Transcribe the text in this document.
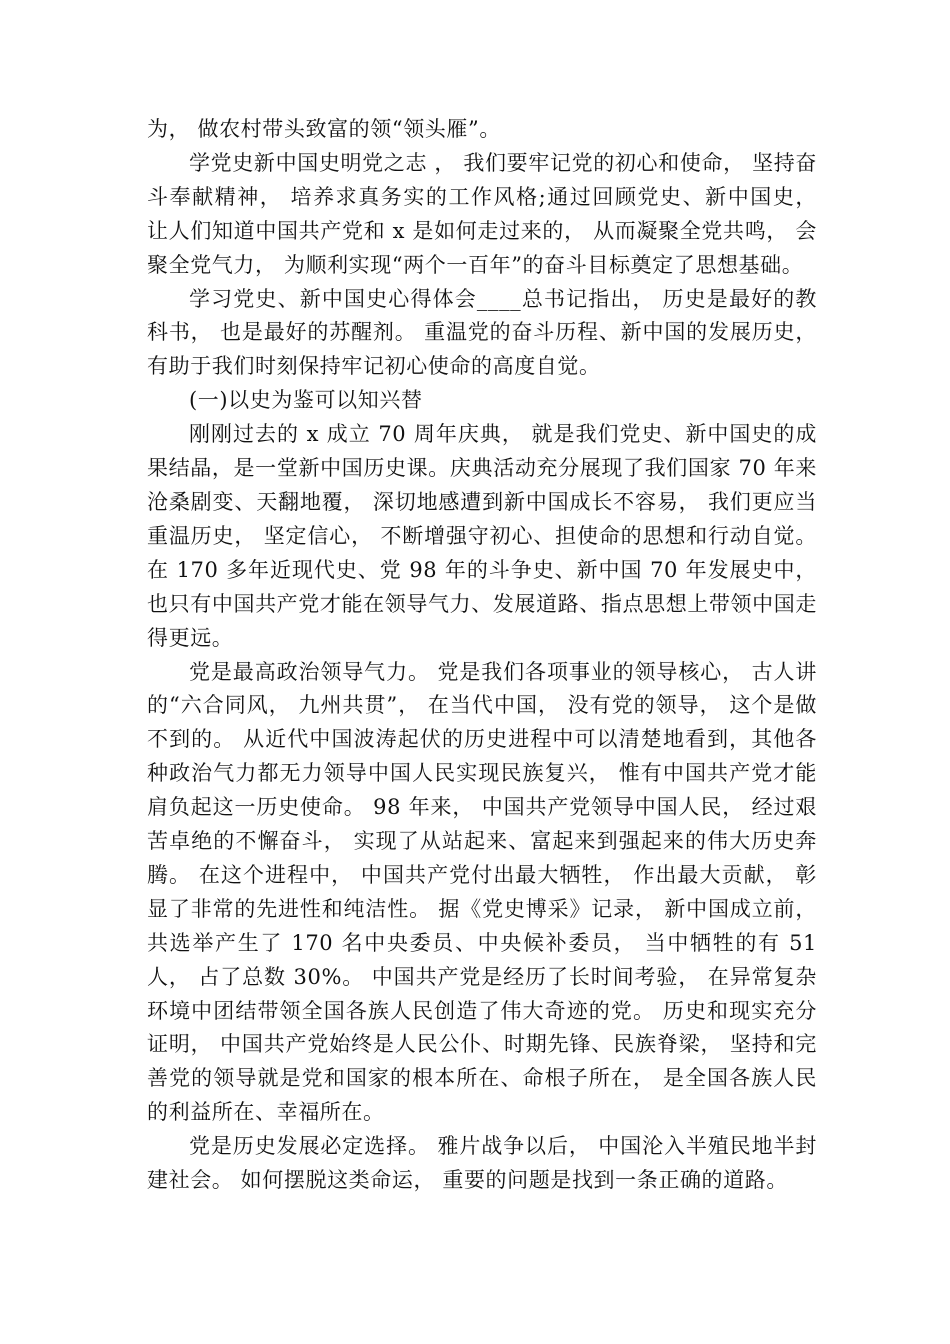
为， 做农村带头致富的领“领头雁”。

学党史新中国史明党之志 ， 我们要牢记党的初心和使命， 坚持奋斗奉献精神， 培养求真务实的工作风格;通过回顾党史、新中国史， 让人们知道中国共产党和 x 是如何走过来的， 从而凝聚全党共鸣， 会聚全党气力， 为顺利实现“两个一百年”的奋斗目标奠定了思想基础。

学习党史、新中国史心得体会____总书记指出， 历史是最好的教科书， 也是最好的苏醒剂。 重温党的奋斗历程、新中国的发展历史， 有助于我们时刻保持牢记初心使命的高度自觉。

(一)以史为鉴可以知兴替

刚刚过去的 x 成立 70 周年庆典， 就是我们党史、新中国史的成果结晶，是一堂新中国历史课。庆典活动充分展现了我们国家 70 年来沧桑剧变、天翻地覆， 深切地感遭到新中国成长不容易， 我们更应当重温历史， 坚定信心， 不断增强守初心、担使命的思想和行动自觉。 在 170 多年近现代史、党 98 年的斗争史、新中国 70 年发展史中， 也只有中国共产党才能在领导气力、发展道路、指点思想上带领中国走得更远。

党是最高政治领导气力。 党是我们各项事业的领导核心， 古人讲的“六合同风， 九州共贯”， 在当代中国， 没有党的领导， 这个是做不到的。 从近代中国波涛起伏的历史进程中可以清楚地看到，其他各种政治气力都无力领导中国人民实现民族复兴， 惟有中国共产党才能肩负起这一历史使命。 98 年来， 中国共产党领导中国人民， 经过艰苦卓绝的不懈奋斗， 实现了从站起来、富起来到强起来的伟大历史奔腾。 在这个进程中， 中国共产党付出最大牺牲， 作出最大贡献， 彰显了非常的先进性和纯洁性。 据《党史博采》记录， 新中国成立前， 共选举产生了 170 名中央委员、中央候补委员， 当中牺牲的有 51 人， 占了总数 30%。 中国共产党是经历了长时间考验， 在异常复杂环境中团结带领全国各族人民创造了伟大奇迹的党。 历史和现实充分证明， 中国共产党始终是人民公仆、时期先锋、民族脊梁， 坚持和完善党的领导就是党和国家的根本所在、命根子所在， 是全国各族人民的利益所在、幸福所在。

党是历史发展必定选择。 雅片战争以后， 中国沦入半殖民地半封建社会。 如何摆脱这类命运， 重要的问题是找到一条正确的道路。
